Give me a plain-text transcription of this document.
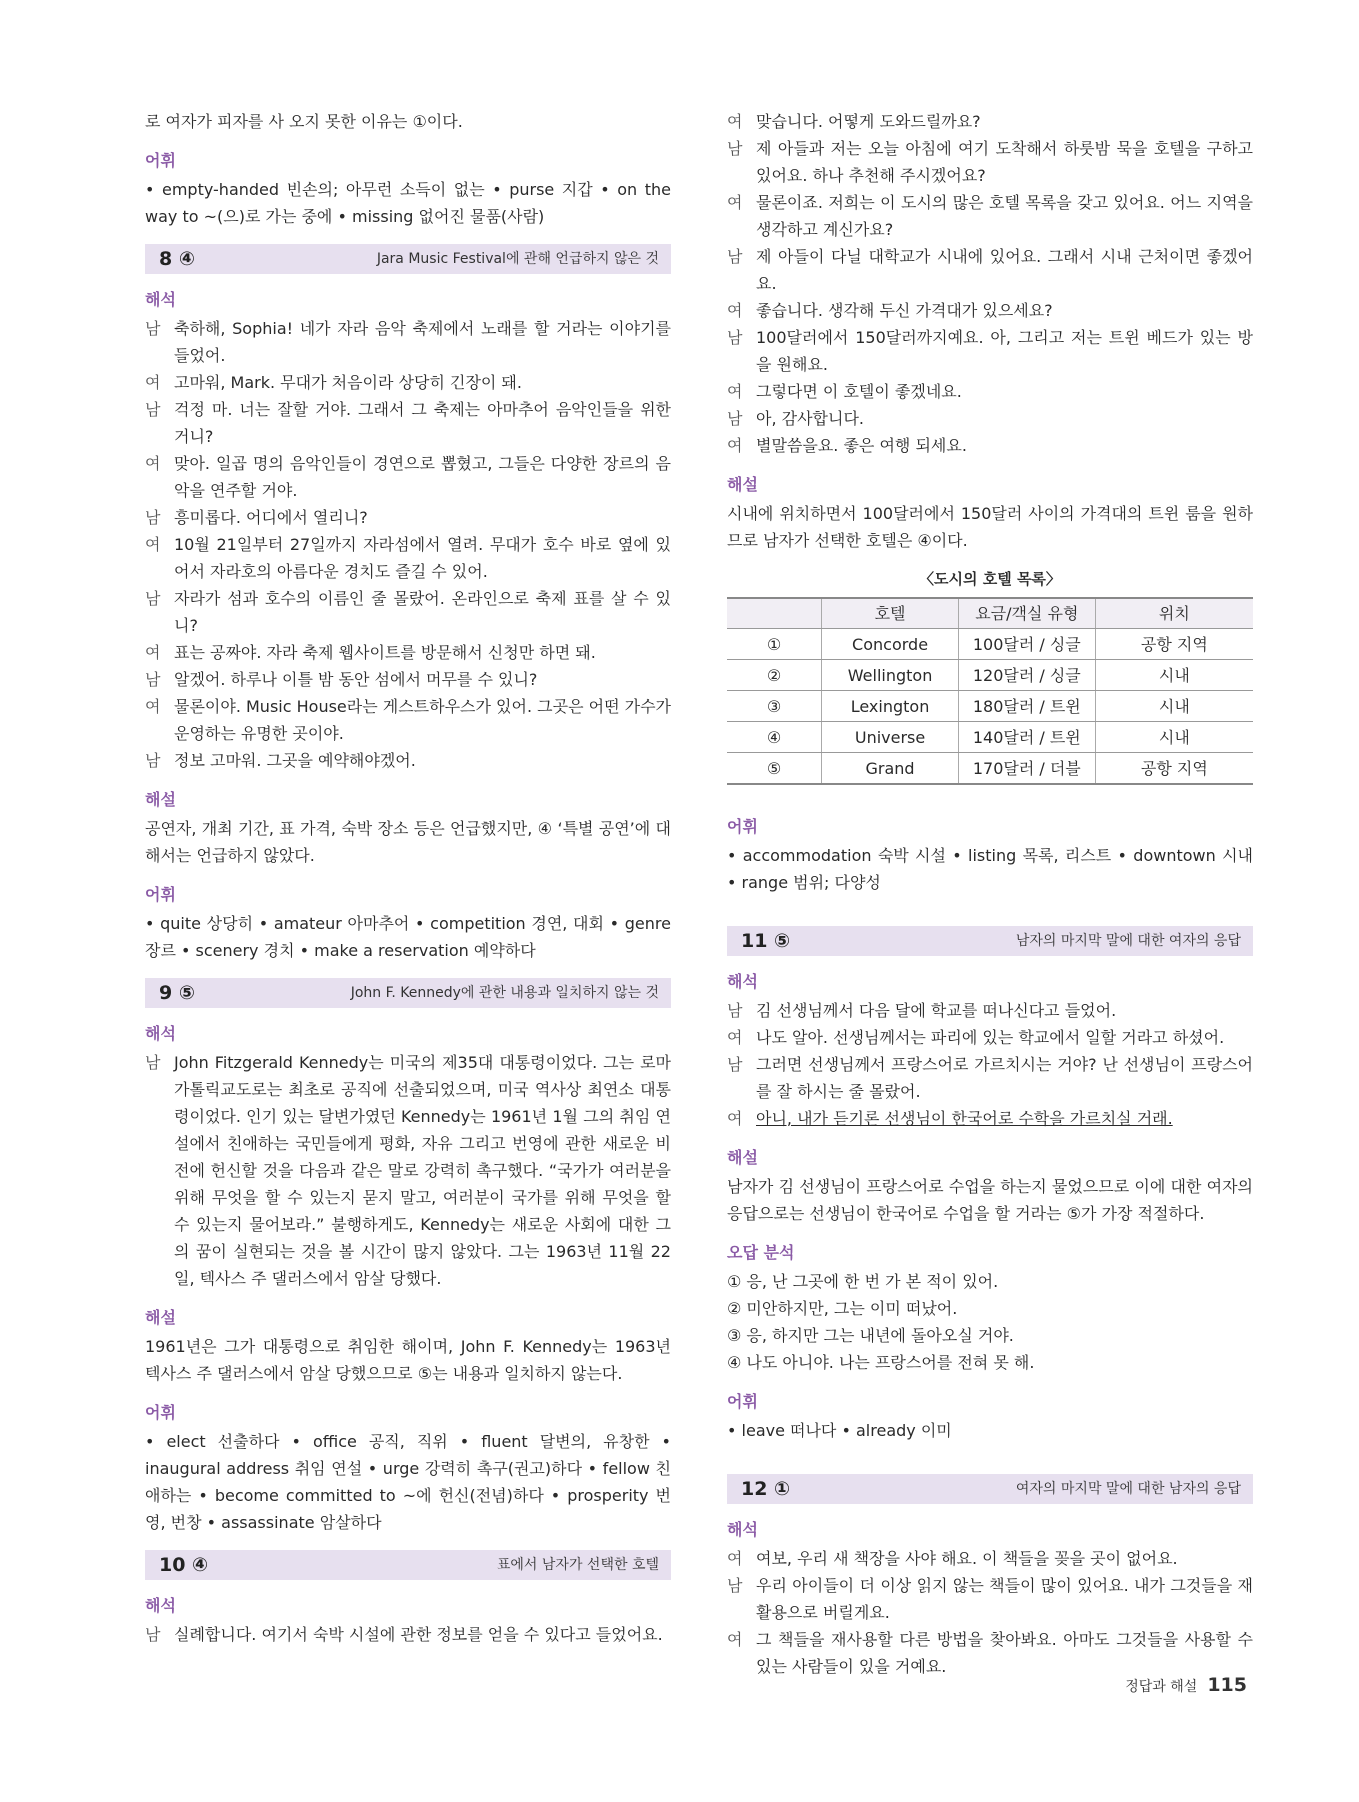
로 여자가 피자를 사 오지 못한 이유는 ①이다.

어휘

• empty-handed 빈손의; 아무런 소득이 없는 • purse 지갑 • on the way to ~(으)로 가는 중에 • missing 없어진 물품(사람)

8 ④	Jara Music Festival에 관해 언급하지 않은 것
해석
남 축하해, Sophia! 네가 자라 음악 축제에서 노래를 할 거라는 이야기를 들었어.
여 고마워, Mark. 무대가 처음이라 상당히 긴장이 돼.
남 걱정 마. 너는 잘할 거야. 그래서 그 축제는 아마추어 음악인들을 위한 거니?
여 맞아. 일곱 명의 음악인들이 경연으로 뽑혔고, 그들은 다양한 장르의 음악을 연주할 거야.
남 흥미롭다. 어디에서 열리니?
여 10월 21일부터 27일까지 자라섬에서 열려. 무대가 호수 바로 옆에 있어서 자라호의 아름다운 경치도 즐길 수 있어.
남 자라가 섬과 호수의 이름인 줄 몰랐어. 온라인으로 축제 표를 살 수 있니?
여 표는 공짜야. 자라 축제 웹사이트를 방문해서 신청만 하면 돼.
남 알겠어. 하루나 이틀 밤 동안 섬에서 머무를 수 있니?
여 물론이야. Music House라는 게스트하우스가 있어. 그곳은 어떤 가수가 운영하는 유명한 곳이야.
남 정보 고마워. 그곳을 예약해야겠어.
해설

공연자, 개최 기간, 표 가격, 숙박 장소 등은 언급했지만, ④ ‘특별 공연’에 대해서는 언급하지 않았다.

어휘

• quite 상당히 • amateur 아마추어 • competition 경연, 대회 • genre 장르 • scenery 경치 • make a reservation 예약하다

9 ⑤	John F. Kennedy에 관한 내용과 일치하지 않는 것
해석
남 John Fitzgerald Kennedy는 미국의 제35대 대통령이었다. 그는 로마 가톨릭교도로는 최초로 공직에 선출되었으며, 미국 역사상 최연소 대통령이었다. 인기 있는 달변가였던 Kennedy는 1961년 1월 그의 취임 연설에서 친애하는 국민들에게 평화, 자유 그리고 번영에 관한 새로운 비전에 헌신할 것을 다음과 같은 말로 강력히 촉구했다. “국가가 여러분을 위해 무엇을 할 수 있는지 묻지 말고, 여러분이 국가를 위해 무엇을 할 수 있는지 물어보라.” 불행하게도, Kennedy는 새로운 사회에 대한 그의 꿈이 실현되는 것을 볼 시간이 많지 않았다. 그는 1963년 11월 22일, 텍사스 주 댈러스에서 암살 당했다.
해설

1961년은 그가 대통령으로 취임한 해이며, John F. Kennedy는 1963년 텍사스 주 댈러스에서 암살 당했으므로 ⑤는 내용과 일치하지 않는다.

어휘

• elect 선출하다 • office 공직, 직위 • fluent 달변의, 유창한 • inaugural address 취임 연설 • urge 강력히 촉구(권고)하다 • fellow 친애하는 • become committed to ~에 헌신(전념)하다 • prosperity 번영, 번창 • assassinate 암살하다

10 ④	표에서 남자가 선택한 호텔
해석
남 실례합니다. 여기서 숙박 시설에 관한 정보를 얻을 수 있다고 들었어요.
여 맞습니다. 어떻게 도와드릴까요?
남 제 아들과 저는 오늘 아침에 여기 도착해서 하룻밤 묵을 호텔을 구하고 있어요. 하나 추천해 주시겠어요?
여 물론이죠. 저희는 이 도시의 많은 호텔 목록을 갖고 있어요. 어느 지역을 생각하고 계신가요?
남 제 아들이 다닐 대학교가 시내에 있어요. 그래서 시내 근처이면 좋겠어요.
여 좋습니다. 생각해 두신 가격대가 있으세요?
남 100달러에서 150달러까지예요. 아, 그리고 저는 트윈 베드가 있는 방을 원해요.
여 그렇다면 이 호텔이 좋겠네요.
남 아, 감사합니다.
여 별말씀을요. 좋은 여행 되세요.
해설

시내에 위치하면서 100달러에서 150달러 사이의 가격대의 트윈 룸을 원하므로 남자가 선택한 호텔은 ④이다.

〈도시의 호텔 목록〉
	호텔	요금/객실 유형	위치
①	Concorde	100달러 / 싱글	공항 지역
②	Wellington	120달러 / 싱글	시내
③	Lexington	180달러 / 트윈	시내
④	Universe	140달러 / 트윈	시내
⑤	Grand	170달러 / 더블	공항 지역
어휘

• accommodation 숙박 시설 • listing 목록, 리스트 • downtown 시내 • range 범위; 다양성

11 ⑤	남자의 마지막 말에 대한 여자의 응답
해석
남 김 선생님께서 다음 달에 학교를 떠나신다고 들었어.
여 나도 알아. 선생님께서는 파리에 있는 학교에서 일할 거라고 하셨어.
남 그러면 선생님께서 프랑스어로 가르치시는 거야? 난 선생님이 프랑스어를 잘 하시는 줄 몰랐어.
여 아니, 내가 듣기론 선생님이 한국어로 수학을 가르치실 거래.
해설

남자가 김 선생님이 프랑스어로 수업을 하는지 물었으므로 이에 대한 여자의 응답으로는 선생님이 한국어로 수업을 할 거라는 ⑤가 가장 적절하다.

오답 분석

① 응, 난 그곳에 한 번 가 본 적이 있어.

② 미안하지만, 그는 이미 떠났어.

③ 응, 하지만 그는 내년에 돌아오실 거야.

④ 나도 아니야. 나는 프랑스어를 전혀 못 해.

어휘

• leave 떠나다 • already 이미

12 ①	여자의 마지막 말에 대한 남자의 응답
해석
여 여보, 우리 새 책장을 사야 해요. 이 책들을 꽂을 곳이 없어요.
남 우리 아이들이 더 이상 읽지 않는 책들이 많이 있어요. 내가 그것들을 재활용으로 버릴게요.
여 그 책들을 재사용할 다른 방법을 찾아봐요. 아마도 그것들을 사용할 수 있는 사람들이 있을 거예요.
정답과 해설 115
